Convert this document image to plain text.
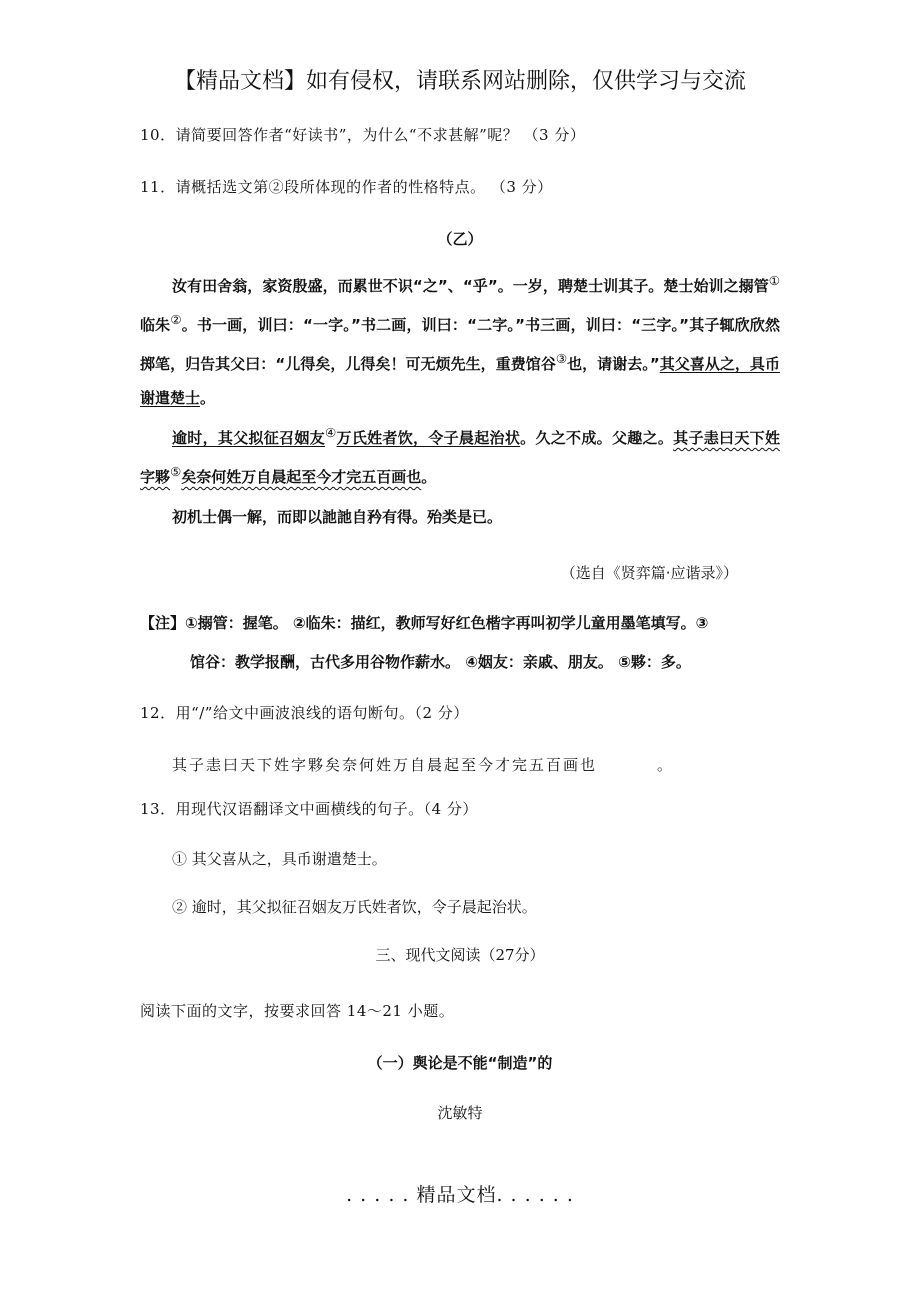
【精品文档】如有侵权，请联系网站删除，仅供学习与交流
10．请简要回答作者“好读书”，为什么“不求甚解”呢？ （3 分）
11．请概括选文第②段所体现的作者的性格特点。 （3 分）
（乙）
汝有田舍翁，家资殷盛，而累世不识“之”、“乎”。一岁，聘楚士训其子。楚士始训之搦管①临朱②。书一画，训曰：“一字。”书二画，训曰：“二字。”书三画，训曰：“三字。”其子辄欣欣然掷笔，归告其父曰：“儿得矣，儿得矣！可无烦先生，重费馆谷③也，请谢去。”其父喜从之，具币谢遣楚士。
逾时，其父拟征召姻友④万氏姓者饮，令子晨起治状。久之不成。父趣之。其子恚曰天下姓字夥⑤矣奈何姓万自晨起至今才完五百画也。
初机士偶一解，而即以訑訑自矜有得。殆类是已。
（选自《贤弈篇·应谐录》）
【注】①搦管：握笔。 ②临朱：描红，教师写好红色楷字再叫初学儿童用墨笔填写。③
馆谷：教学报酬，古代多用谷物作薪水。 ④姻友：亲戚、朋友。 ⑤夥：多。
12．用“/”给文中画波浪线的语句断句。（2 分）
其子恚曰天下姓字夥矣奈何姓万自晨起至今才完五百画也	。
13．用现代汉语翻译文中画横线的句子。（4 分）
① 其父喜从之，具币谢遣楚士。
② 逾时，其父拟征召姻友万氏姓者饮，令子晨起治状。
三、现代文阅读（27分）
阅读下面的文字，按要求回答 14～21 小题。
（一）舆论是不能“制造”的
沈敏特
. . . . . 精品文档. . . . . .
